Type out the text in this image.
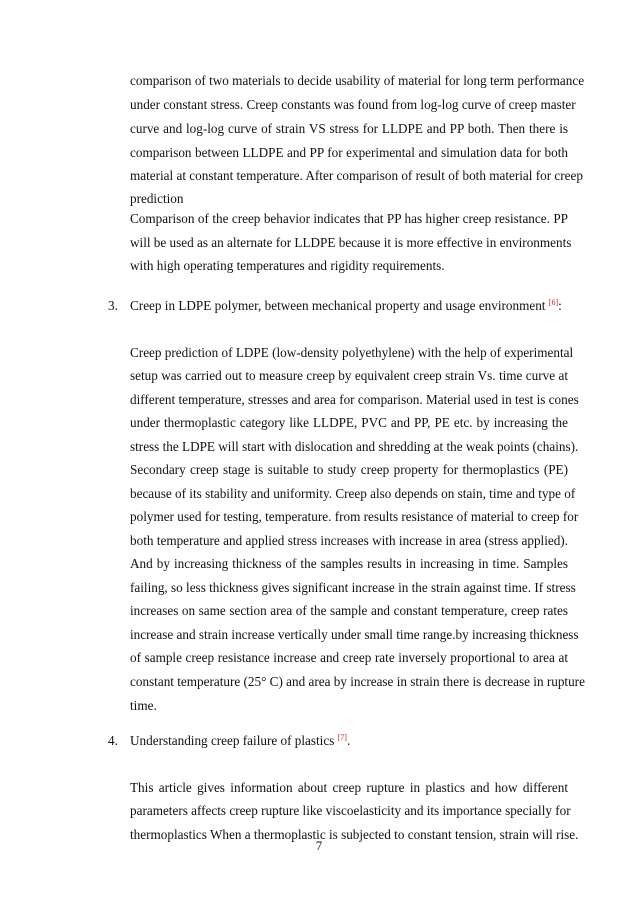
comparison of two materials to decide usability of material for long term performance
under constant stress. Creep constants was found from log-log curve of creep master
curve and log-log curve of strain VS stress for LLDPE and PP both. Then there is
comparison between LLDPE and PP for experimental and simulation data for both
material at constant temperature. After comparison of result of both material for creep
prediction
Comparison of the creep behavior indicates that PP has higher creep resistance. PP
will be used as an alternate for LLDPE because it is more effective in environments
with high operating temperatures and rigidity requirements.
3. Creep in LDPE polymer, between mechanical property and usage environment [6]:
Creep prediction of LDPE (low-density polyethylene) with the help of experimental
setup was carried out to measure creep by equivalent creep strain Vs. time curve at
different temperature, stresses and area for comparison. Material used in test is cones
under thermoplastic category like LLDPE, PVC and PP, PE etc. by increasing the
stress the LDPE will start with dislocation and shredding at the weak points (chains).
Secondary creep stage is suitable to study creep property for thermoplastics (PE)
because of its stability and uniformity. Creep also depends on stain, time and type of
polymer used for testing, temperature. from results resistance of material to creep for
both temperature and applied stress increases with increase in area (stress applied).
And by increasing thickness of the samples results in increasing in time. Samples
failing, so less thickness gives significant increase in the strain against time. If stress
increases on same section area of the sample and constant temperature, creep rates
increase and strain increase vertically under small time range.by increasing thickness
of sample creep resistance increase and creep rate inversely proportional to area at
constant temperature (25° C) and area by increase in strain there is decrease in rupture
time.
4. Understanding creep failure of plastics [7].
This article gives information about creep rupture in plastics and how different
parameters affects creep rupture like viscoelasticity and its importance specially for
thermoplastics When a thermoplastic is subjected to constant tension, strain will rise.
7
